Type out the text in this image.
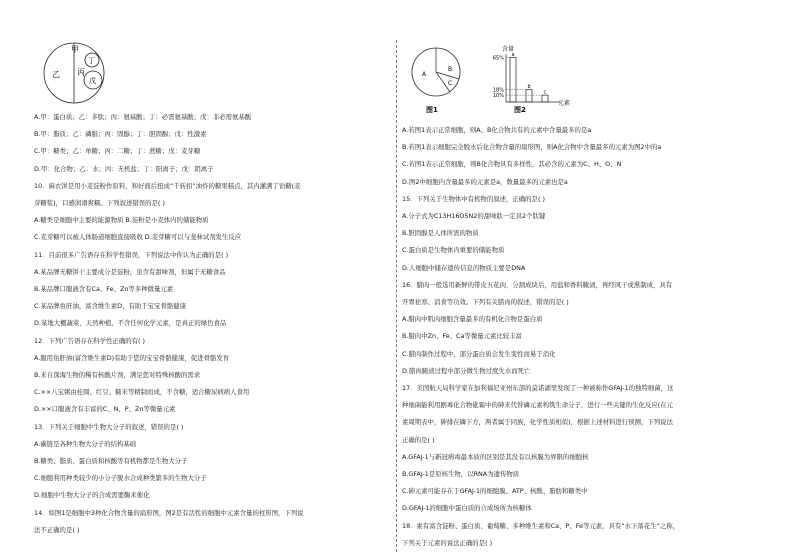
甲
乙 丙
丁
戊
A.甲：蛋白质；乙：多肽；丙：氨基酸；丁：必需氨基酸；戊：非必需氨基酸
B.甲：脂质；乙：磷脂；丙：固醇；丁：胆固醇；戊：性激素
C.甲：糖类；乙：单糖；丙：二糖；丁：蔗糖；戊：麦芽糖
D.甲：化合物；乙：水；丙：无机盐；丁：阳离子；戊：阴离子
10．麻衣饼是用小麦淀粉作原料，和好面后扭成“千转扣”油炸的糖果糕点，其内灌满了饴糖(麦
芽糖浆)，口感润滑爽糯。下列叙述错误的是( )
A.糖类是细胞中主要的能源物质 B.淀粉是小麦体内的储能物质
C.麦芽糖可以被人体肠道细胞直接吸收 D.麦芽糖可以与斐林试剂发生反应
11．目前很多广告语存在科学性错误，下列说法中你认为正确的是( )
A.某品牌无糖饼干主要成分是淀粉，虽含有甜味剂，但属于无糖食品
B.某品牌口服液含有Ca、Fe、Zn等多种微量元素
C.某品牌鱼肝油，富含维生素D，有助于宝宝骨骼健康
D.某地大棚蔬菜，天然种植，不含任何化学元素，是真正的绿色食品
12．下列广告语存在科学性正确的有( )
A.服用鱼肝油(富含维生素D)有助于您的宝宝骨骼健康，促进骨骼发育
B.来自深海生物的稀有核酸片剂，满足您对特殊核酸的需求
C.××八宝粥由桂圆、红豆、糯米等精制而成，不含糖，适合糖尿病病人食用
D.××口服液含有丰富的C、N、P、Zn等微量元素
13．下列关于细胞中生物大分子的叙述，错误的是( )
A.碳链是各种生物大分子的结构基础
B.糖类、脂质、蛋白质和核酸等有机物都是生物大分子
C.细胞利用种类较少的小分子脱水合成种类繁多的生物大分子
D.细胞中生物大分子的合成需要酶来催化
14．如图1是细胞中3种化合物含量的扇形图，图2是有活性的细胞中元素含量的柱形图，下列说
法不正确的是( )
A
B
C
图1
含量
元素
a
65%
b
18%	c
10%
图2
A.若图1表示正常细胞，则A、B化合物共有的元素中含量最多的是a
B.若图1表示细胞完全脱水后化合物含量的扇形图，则A化合物中含量最多的元素为图2中的a
C.若图1表示正常细胞，则B化合物具有多样性，其必含的元素为C、H、O、N
D.图2中细胞内含量最多的元素是a，数量最多的元素也是a
15．下列关于生物体中有机物的叙述，正确的是( )
A.分子式为C13H16O5N2的甜味肽一定具2个肽键
B.胆固醇是人体所需的物质
C.蛋白质是生物体内重要的储能物质
D.人细胞中储存遗传信息的物质主要是DNA
16．腊肉一般选用新鲜的带皮五花肉，分割成块后，用盐和香料腌渍，再经风干或熏制成，具有
开胃祛寒、消食等功效。下列有关腊肉的叙述，错误的是( )
A.腊肉中肌肉细胞含量最多的有机化合物是蛋白质
B.腊肉中Zn、Fe、Ca等微量元素比较丰富
C.腊肉制作过程中，部分蛋白质会发生变性而易于消化
D.腊肉腌渍过程中部分微生物过度失水而死亡
17．美国航天局科学家在加利福尼亚州东部的莫诺湖里发现了一种被称作GFAJ-1的独特细菌，这
种细菌能利用剧毒化合物砒霜中的砷来代替磷元素构筑生命分子，进行一些关键的生化反应(在元
素周期表中，砷排在磷下方，两者属于同族，化学性质相似)，根据上述材料进行预测，下列说法
正确的是( )
A.GFAJ-1与新冠病毒最本质的区别是其没有以核膜为界限的细胞核
B.GFAJ-1是原核生物，以RNA为遗传物质
C.砷元素可能存在于GFAJ-1的细胞膜、ATP、核酸、脂肪和糖类中
D.GFAJ-1的细胞中蛋白质的合成场所为核糖体
18．素有富含淀粉、蛋白质、葡萄糖、多种维生素和Ca、P、Fe等元素，具有“水下落花生”之称，
下列关于元素的说法正确的是( )
